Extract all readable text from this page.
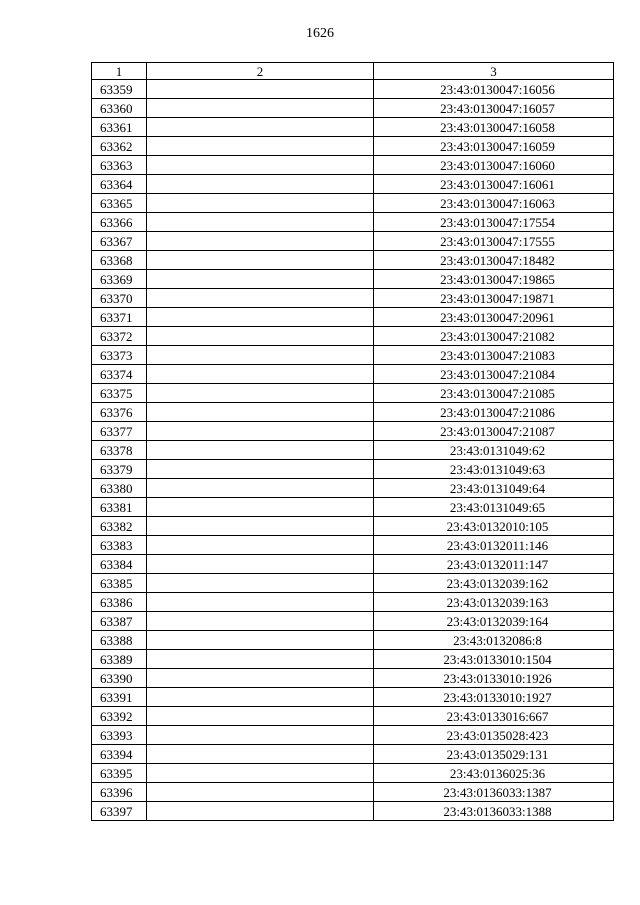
1626
1	2	3
63359		23:43:0130047:16056
63360		23:43:0130047:16057
63361		23:43:0130047:16058
63362		23:43:0130047:16059
63363		23:43:0130047:16060
63364		23:43:0130047:16061
63365		23:43:0130047:16063
63366		23:43:0130047:17554
63367		23:43:0130047:17555
63368		23:43:0130047:18482
63369		23:43:0130047:19865
63370		23:43:0130047:19871
63371		23:43:0130047:20961
63372		23:43:0130047:21082
63373		23:43:0130047:21083
63374		23:43:0130047:21084
63375		23:43:0130047:21085
63376		23:43:0130047:21086
63377		23:43:0130047:21087
63378		23:43:0131049:62
63379		23:43:0131049:63
63380		23:43:0131049:64
63381		23:43:0131049:65
63382		23:43:0132010:105
63383		23:43:0132011:146
63384		23:43:0132011:147
63385		23:43:0132039:162
63386		23:43:0132039:163
63387		23:43:0132039:164
63388		23:43:0132086:8
63389		23:43:0133010:1504
63390		23:43:0133010:1926
63391		23:43:0133010:1927
63392		23:43:0133016:667
63393		23:43:0135028:423
63394		23:43:0135029:131
63395		23:43:0136025:36
63396		23:43:0136033:1387
63397		23:43:0136033:1388
